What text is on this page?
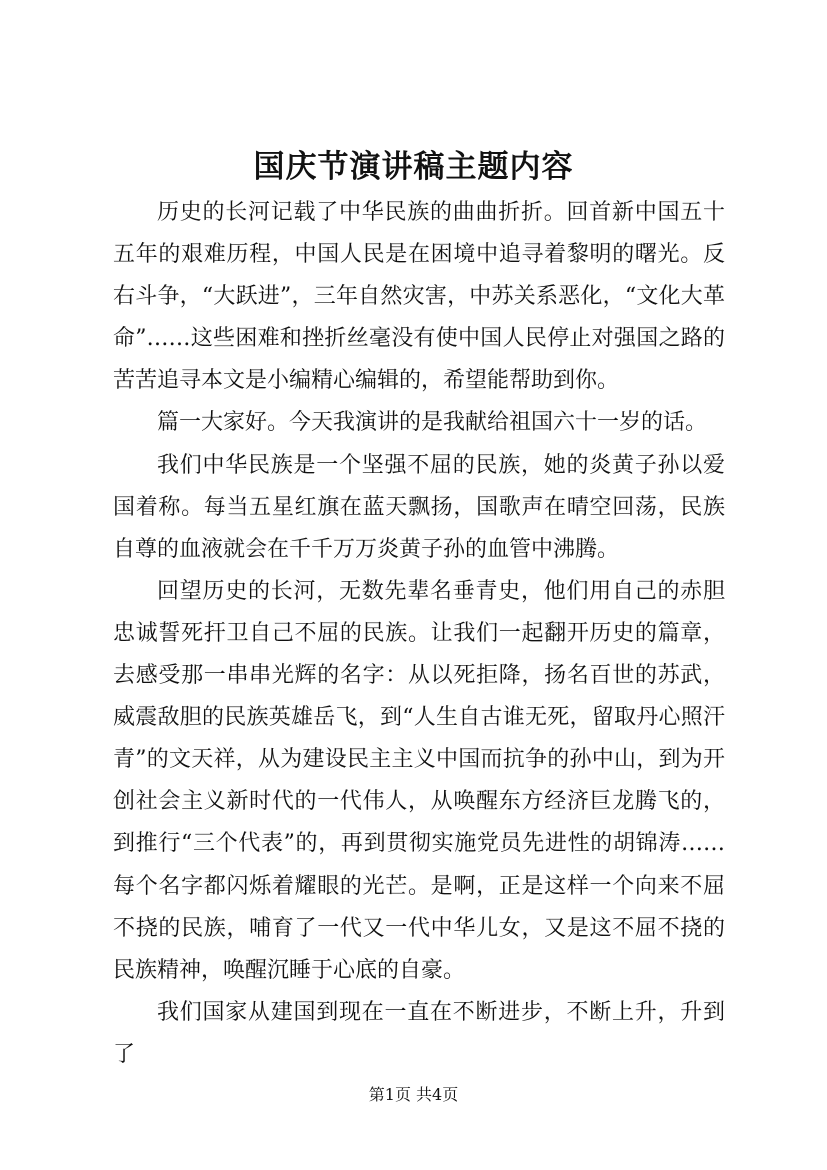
国庆节演讲稿主题内容

历史的长河记载了中华民族的曲曲折折。回首新中国五十五年的艰难历程，中国人民是在困境中追寻着黎明的曙光。反右斗争，“大跃进”，三年自然灾害，中苏关系恶化，“文化大革命”……这些困难和挫折丝毫没有使中国人民停止对强国之路的苦苦追寻本文是小编精心编辑的，希望能帮助到你。

篇一大家好。今天我演讲的是我献给祖国六十一岁的话。

我们中华民族是一个坚强不屈的民族，她的炎黄子孙以爱国着称。每当五星红旗在蓝天飘扬，国歌声在晴空回荡，民族自尊的血液就会在千千万万炎黄子孙的血管中沸腾。

回望历史的长河，无数先辈名垂青史，他们用自己的赤胆忠诚誓死扞卫自己不屈的民族。让我们一起翻开历史的篇章，去感受那一串串光辉的名字：从以死拒降，扬名百世的苏武，威震敌胆的民族英雄岳飞，到“人生自古谁无死，留取丹心照汗青”的文天祥，从为建设民主主义中国而抗争的孙中山，到为开创社会主义新时代的一代伟人，从唤醒东方经济巨龙腾飞的，到推行“三个代表”的，再到贯彻实施党员先进性的胡锦涛……每个名字都闪烁着耀眼的光芒。是啊，正是这样一个向来不屈不挠的民族，哺育了一代又一代中华儿女，又是这不屈不挠的民族精神，唤醒沉睡于心底的自豪。

我们国家从建国到现在一直在不断进步，不断上升，升到了

第1页 共4页
